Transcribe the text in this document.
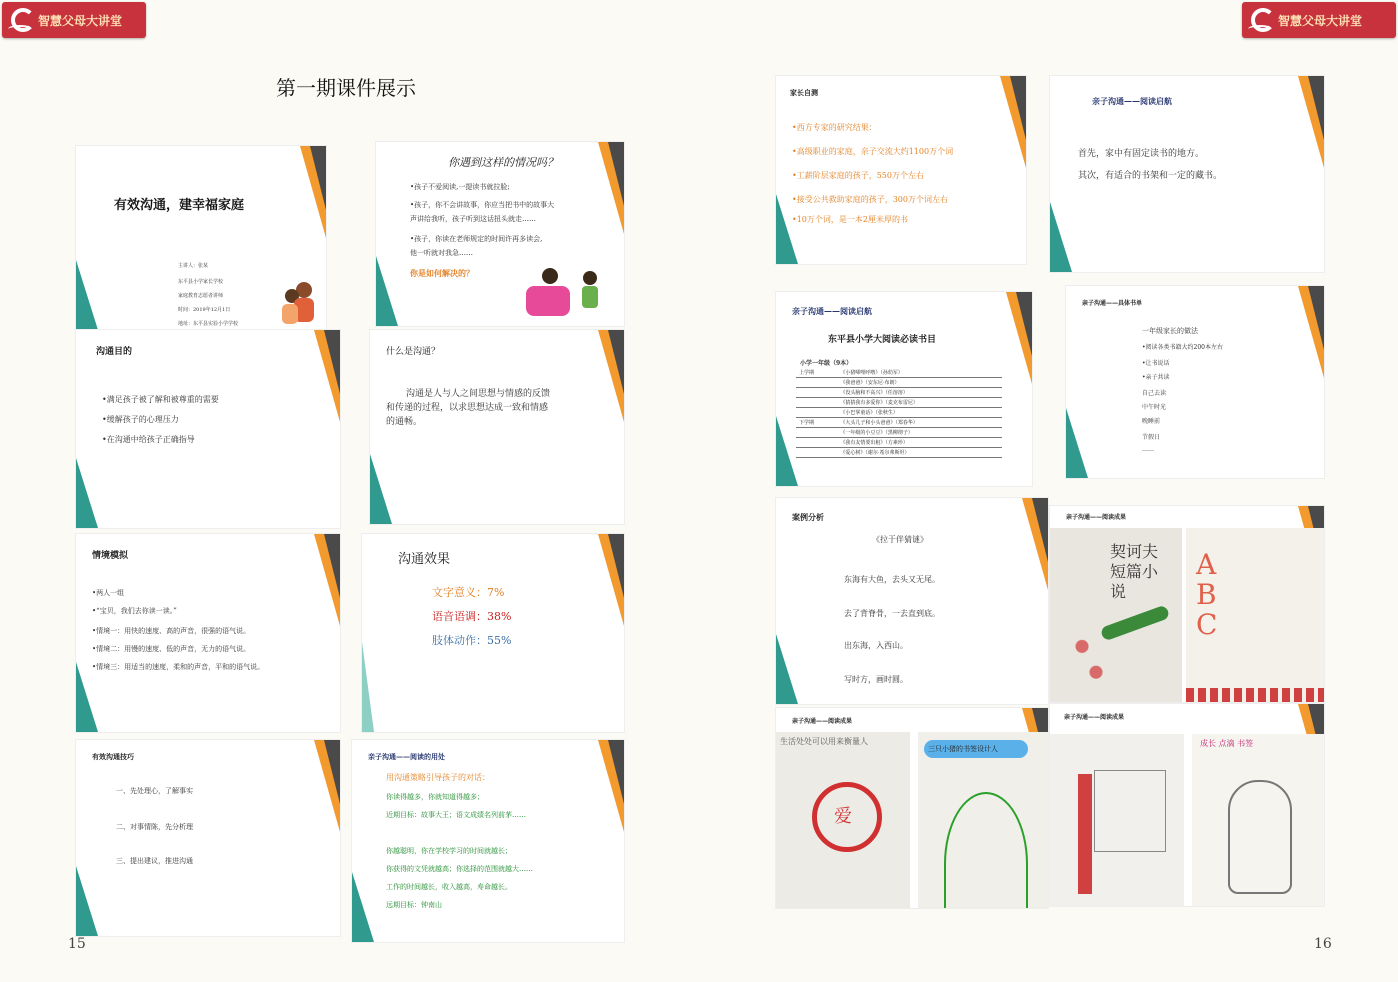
智慧父母大讲堂	智慧父母大讲堂
第一期课件展示
有效沟通，建幸福家庭
主讲人：张某
东平县小学家长学校
家庭教育志愿者讲师
时间：2019年12月1日
地址：东平县实验小学学校
你遇到这样的情况吗？
•孩子不爱阅读,一提读书就拉脸;
•孩子，你不会讲故事，你应当把书中的故事大
声讲给我听，孩子听到这话扭头就走……
•孩子，你读在老师规定的时间许再多读会,
他一听就对我急……
你是如何解决的？
沟通目的
•满足孩子被了解和被尊重的需要
•缓解孩子的心理压力
•在沟通中给孩子正确指导
什么是沟通？
沟通是人与人之间思想与情感的反馈
和传递的过程，以求思想达成一致和情感
的通畅。
情境模拟
•两人一组
•“宝贝，我们去你读一读。”
•情境一：用快的速度、高的声音，很强的语气说。
•情境二：用慢的速度、低的声音，无力的语气说。
•情境三：用适当的速度，柔和的声音，平和的语气说。
沟通效果
文字意义：7%
语音语调：38%
肢体动作：55%
有效沟通技巧
一、先处理心，了解事实
二、对事情陈，先分析理
三、提出建议，推进沟通
亲子沟通——阅读的用处
用沟通策略引导孩子的对话：
你读得越多，你就知道得越多；
近期目标：故事大王；语文成绩名列前茅……
你越聪明，你在学校学习的时间就越长；
你获得的文凭就越高；你选择的范围就越大……
工作的时间越长，收入越高，寿命越长。
远期目标：钟南山
15
家长自测
•西方专家的研究结果：
•高级职业的家庭，亲子交流大约1100万个词
•工薪阶层家庭的孩子，550万个左右
•接受公共救助家庭的孩子，300万个词左右
•10万个词，是一本2厘米厚的书
亲子沟通——阅读启航
首先，家中有固定读书的地方。
其次，有适合的书架和一定的藏书。
亲子沟通——阅读启航
东平县小学大阅读必读书目
小学一年级（9本）
上学期	《小猪唏哩呼噜》（孙幼军）
	《我爸爸》（安东尼·布朗）
	《没头脑和不高兴》（任溶溶）
	《猜猜我有多爱你》（麦克布雷尼）
	《小巴掌童话》（张秋生）
下学期	《大头儿子和小头爸爸》（郑春华）
	《一年级的小豆豆》（黑柳彻子）
	《我有友情要出租》（方素珍）
	《爱心树》（谢尔·希尔弗斯坦）
亲子沟通——具体书单
一年级家长的做法
•阅读各类书籍大约200本左右
•让书说话
•亲子共读
自己去读
中午时光
晚睡前
节假日
……
案例分析
《拉于伴猜谜》
东海有大鱼，去头又无尾。
去了背脊骨，一去直到底。
出东海，入西山。
写时方，画时圆。
亲子沟通——阅读成果
契诃夫短篇小说
ABC
亲子沟通——阅读成果
生活处处可以用来衡量人
爱
三只小猪的书签设计人
亲子沟通——阅读成果
成长 点滴 书签
16
